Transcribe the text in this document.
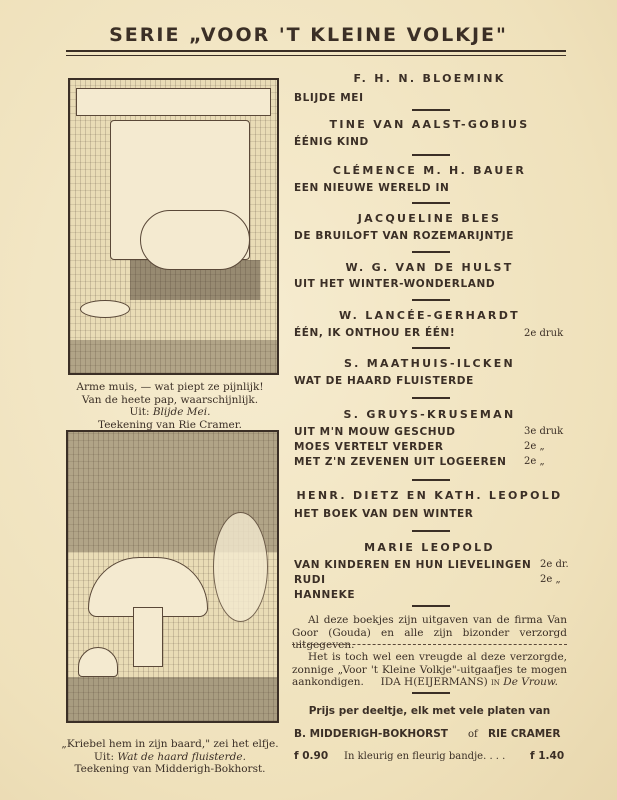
SERIE „VOOR 'T KLEINE VOLKJE"
Arme muis, — wat piept ze pijnlijk!
Van de heete pap, waarschijnlijk.
Uit: Blijde Mei.
Teekening van Rie Cramer.
„Kriebel hem in zijn baard," zei het elfje.
Uit: Wat de haard fluisterde.
Teekening van Midderigh-Bokhorst.
F. H. N. BLOEMINK
BLIJDE MEI
TINE VAN AALST-GOBIUS
ÉÉNIG KIND
CLÉMENCE M. H. BAUER
EEN NIEUWE WERELD IN
JACQUELINE BLES
DE BRUILOFT VAN ROZEMARIJNTJE
W. G. VAN DE HULST
UIT HET WINTER-WONDERLAND
W. LANCÉE-GERHARDT
ÉÉN, IK ONTHOU ER ÉÉN!	2e druk
S. MAATHUIS-ILCKEN
WAT DE HAARD FLUISTERDE
S. GRUYS-KRUSEMAN
UIT M'N MOUW GESCHUD	3e druk
MOES VERTELT VERDER	2e „
MET Z'N ZEVENEN UIT LOGEEREN 2e „
HENR. DIETZ EN KATH. LEOPOLD
HET BOEK VAN DEN WINTER
MARIE LEOPOLD
VAN KINDEREN EN HUN LIEVELINGEN 2e dr.
RUDI	2e „
HANNEKE
Al deze boekjes zijn uitgaven van de firma Van Goor (Gouda) en alle zijn bizonder verzorgd uitgegeven.
Het is toch wel een vreugde al deze verzorgde, zonnige „Voor 't Kleine Volkje"-uitgaafjes te mogen aankondigen. IDA H(EIJERMANS) in De Vrouw.
Prijs per deeltje, elk met vele platen van
B. MIDDERIGH-BOKHORST of RIE CRAMER
f 0.90 In kleurig en fleurig bandje. . . . f 1.40
